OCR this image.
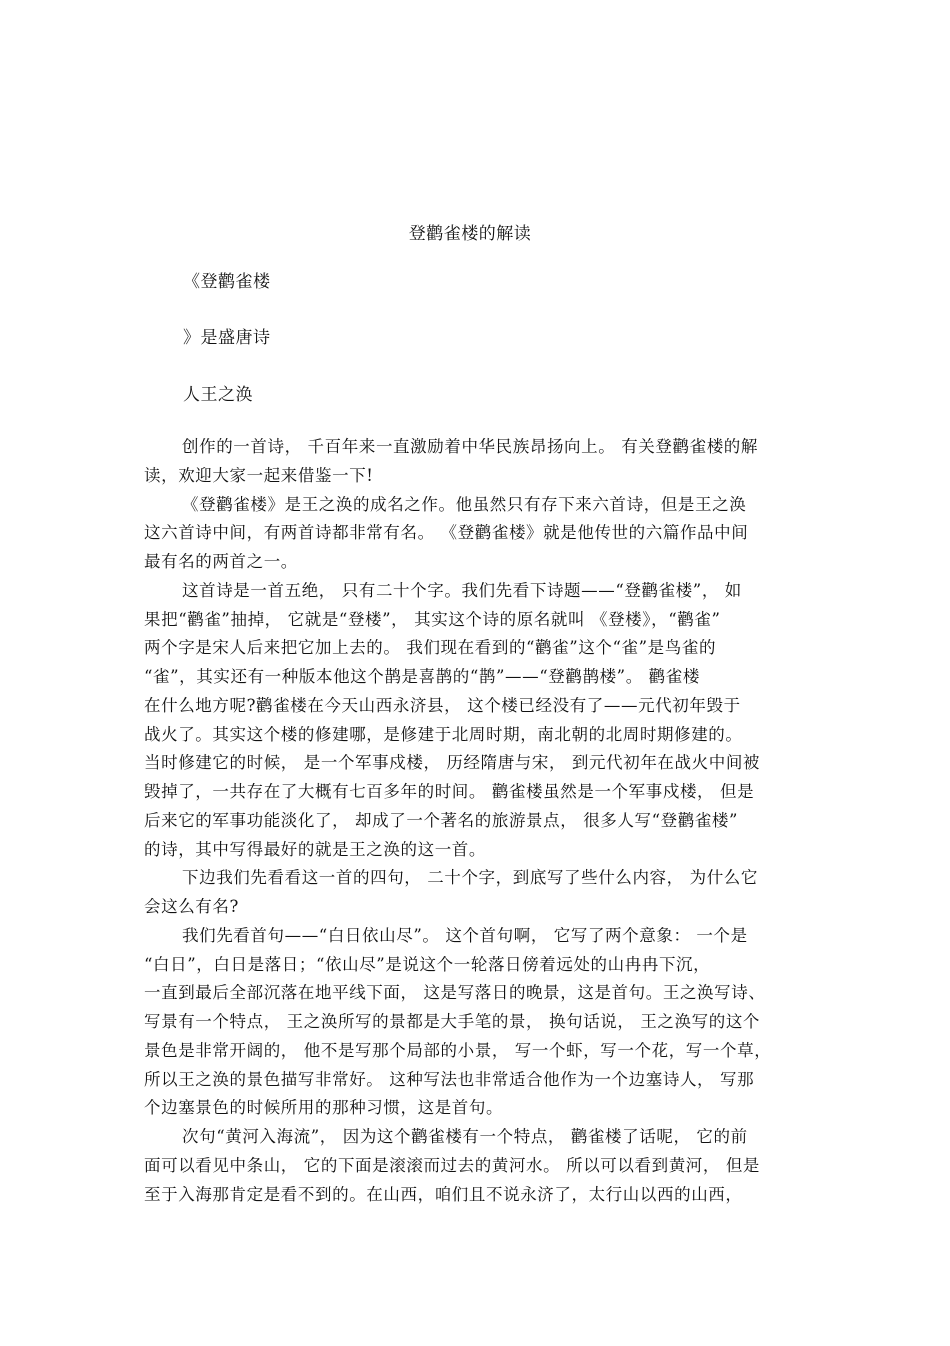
登鹳雀楼的解读
《登鹳雀楼
》是盛唐诗
人王之涣
创作的一首诗， 千百年来一直激励着中华民族昂扬向上。 有关登鹳雀楼的解
读，欢迎大家一起来借鉴一下!
《登鹳雀楼》是王之涣的成名之作。他虽然只有存下来六首诗，但是王之涣
这六首诗中间，有两首诗都非常有名。 《登鹳雀楼》就是他传世的六篇作品中间
最有名的两首之一。
这首诗是一首五绝， 只有二十个字。我们先看下诗题——“登鹳雀楼”， 如
果把“鹳雀”抽掉， 它就是“登楼”， 其实这个诗的原名就叫 《登楼》，“鹳雀”
两个字是宋人后来把它加上去的。 我们现在看到的“鹳雀”这个“雀”是鸟雀的
“雀”，其实还有一种版本他这个鹊是喜鹊的“鹊”——“登鹳鹊楼”。 鹳雀楼
在什么地方呢?鹳雀楼在今天山西永济县， 这个楼已经没有了——元代初年毁于
战火了。其实这个楼的修建哪，是修建于北周时期，南北朝的北周时期修建的。
当时修建它的时候， 是一个军事戍楼， 历经隋唐与宋， 到元代初年在战火中间被
毁掉了，一共存在了大概有七百多年的时间。 鹳雀楼虽然是一个军事戍楼， 但是
后来它的军事功能淡化了， 却成了一个著名的旅游景点， 很多人写“登鹳雀楼”
的诗，其中写得最好的就是王之涣的这一首。
下边我们先看看这一首的四句， 二十个字，到底写了些什么内容， 为什么它
会这么有名?
我们先看首句——“白日依山尽”。 这个首句啊， 它写了两个意象： 一个是
“白日”，白日是落日；“依山尽”是说这个一轮落日傍着远处的山冉冉下沉，
一直到最后全部沉落在地平线下面， 这是写落日的晚景，这是首句。王之涣写诗、
写景有一个特点， 王之涣所写的景都是大手笔的景， 换句话说， 王之涣写的这个
景色是非常开阔的， 他不是写那个局部的小景， 写一个虾，写一个花，写一个草，
所以王之涣的景色描写非常好。 这种写法也非常适合他作为一个边塞诗人， 写那
个边塞景色的时候所用的那种习惯，这是首句。
次句“黄河入海流”， 因为这个鹳雀楼有一个特点， 鹳雀楼了话呢， 它的前
面可以看见中条山， 它的下面是滚滚而过去的黄河水。 所以可以看到黄河， 但是
至于入海那肯定是看不到的。在山西，咱们且不说永济了，太行山以西的山西，
